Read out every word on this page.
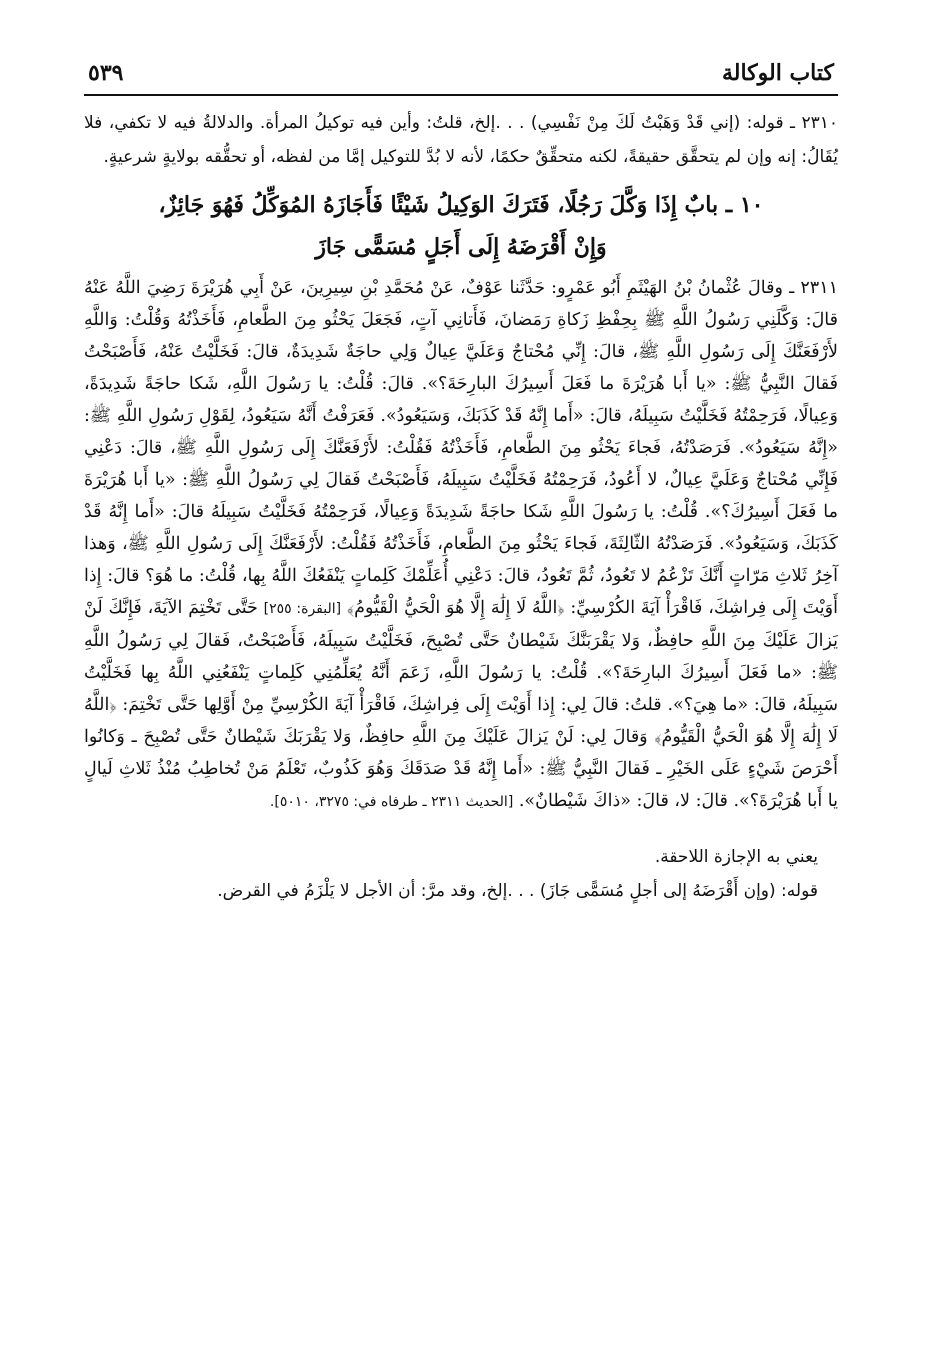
كتاب الوكالة
٥٣٩

٢٣١٠ ـ قوله: (إني قَدْ وَهَبْتُ لَكَ مِنْ نَفْسِي) . . .إلخ، قلتُ: وأين فيه توكيلُ المرأة. والدلالةُ فيه لا تكفي، فلا يُقَالُ: إنه وإن لم يتحقَّق حقيقةً، لكنه متحقِّقٌ حكمًا، لأنه لا بُدَّ للتوكيل إمَّا من لفظه، أو تحقُّقه بولايةٍ شرعيةٍ.

١٠ ـ بابٌ إِذَا وَكَّلَ رَجُلًا، فَتَرَكَ الوَكِيلُ شَيْئًا فَأَجَازَهُ المُوَكِّلُ فَهُوَ جَائِزٌ،
وَإِنْ أَقْرَضَهُ إِلَى أَجَلٍ مُسَمًّى جَازَ

٢٣١١ ـ وقالَ عُثْمانُ بْنُ الهَيْثَمِ أَبُو عَمْرٍو: حَدَّثَنا عَوْفٌ، عَنْ مُحَمَّدِ بْنِ سِيرِينَ، عَنْ أَبِي هُرَيْرَةَ رَضِيَ اللَّهُ عَنْهُ قالَ: وَكَّلَنِي رَسُولُ اللَّهِ ﷺ بِحِفْظِ زَكاةِ رَمَضانَ، فَأَتانِي آتٍ، فَجَعَلَ يَحْثُو مِنَ الطَّعامِ، فَأَخَذْتُهُ وَقُلْتُ: وَاللَّهِ لأَرْفَعَنَّكَ إِلَى رَسُولِ اللَّهِ ﷺ، قالَ: إِنِّي مُحْتاجٌ وَعَلَيَّ عِيالٌ وَلِي حاجَةٌ شَدِيدَةٌ، قالَ: فَخَلَّيْتُ عَنْهُ، فَأَصْبَحْتُ فَقالَ النَّبِيُّ ﷺ: «يا أَبا هُرَيْرَةَ ما فَعَلَ أَسِيرُكَ البارِحَةَ؟». قالَ: قُلْتُ: يا رَسُولَ اللَّهِ، شَكا حاجَةً شَدِيدَةً، وَعِيالًا، فَرَحِمْتُهُ فَخَلَّيْتُ سَبِيلَهُ، قالَ: «أَما إِنَّهُ قَدْ كَذَبَكَ، وَسَيَعُودُ». فَعَرَفْتُ أَنَّهُ سَيَعُودُ، لِقَوْلِ رَسُولِ اللَّهِ ﷺ: «إِنَّهُ سَيَعُودُ». فَرَصَدْتُهُ، فَجاءَ يَحْثُو مِنَ الطَّعامِ، فَأَخَذْتُهُ فَقُلْتُ: لأَرْفَعَنَّكَ إِلَى رَسُولِ اللَّهِ ﷺ، قالَ: دَعْنِي فَإِنِّي مُحْتاجٌ وَعَلَيَّ عِيالٌ، لا أَعُودُ، فَرَحِمْتُهُ فَخَلَّيْتُ سَبِيلَهُ، فَأَصْبَحْتُ فَقالَ لِي رَسُولُ اللَّهِ ﷺ: «يا أَبا هُرَيْرَةَ ما فَعَلَ أَسِيرُكَ؟». قُلْتُ: يا رَسُولَ اللَّهِ شَكا حاجَةً شَدِيدَةً وَعِيالًا، فَرَحِمْتُهُ فَخَلَّيْتُ سَبِيلَهُ قالَ: «أَما إِنَّهُ قَدْ كَذَبَكَ، وَسَيَعُودُ». فَرَصَدْتُهُ الثّالِثَةَ، فَجاءَ يَحْثُو مِنَ الطَّعامِ، فَأَخَذْتُهُ فَقُلْتُ: لأَرْفَعَنَّكَ إِلَى رَسُولِ اللَّهِ ﷺ، وَهذا آخِرُ ثَلاثِ مَرّاتٍ أَنَّكَ تَزْعُمُ لا تَعُودُ، ثُمَّ تَعُودُ، قالَ: دَعْنِي أُعَلِّمْكَ كَلِماتٍ يَنْفَعُكَ اللَّهُ بِها، قُلْتُ: ما هُوَ؟ قالَ: إِذا أَوَيْتَ إِلَى فِراشِكَ، فَاقْرَأْ آيَةَ الكُرْسِيِّ: ﴿اللَّهُ لَا إِلَٰهَ إِلَّا هُوَ الْحَيُّ الْقَيُّومُ﴾ [البقرة: ٢٥٥] حَتَّى تَخْتِمَ الآيَةَ، فَإِنَّكَ لَنْ يَزالَ عَلَيْكَ مِنَ اللَّهِ حافِظٌ، وَلا يَقْرَبَنَّكَ شَيْطانٌ حَتَّى تُصْبِحَ، فَخَلَّيْتُ سَبِيلَهُ، فَأَصْبَحْتُ، فَقالَ لِي رَسُولُ اللَّهِ ﷺ: «ما فَعَلَ أَسِيرُكَ البارِحَةَ؟». قُلْتُ: يا رَسُولَ اللَّهِ، زَعَمَ أَنَّهُ يُعَلِّمُنِي كَلِماتٍ يَنْفَعُنِي اللَّهُ بِها فَخَلَّيْتُ سَبِيلَهُ، قالَ: «ما هِيَ؟». قلتُ: قالَ لِي: إِذا أَوَيْتَ إِلَى فِراشِكَ، فَاقْرَأْ آيَةَ الكُرْسِيِّ مِنْ أَوَّلِها حَتَّى تَخْتِمَ: ﴿اللَّهُ لَا إِلَٰهَ إِلَّا هُوَ الْحَيُّ الْقَيُّومُ﴾ وَقالَ لِي: لَنْ يَزالَ عَلَيْكَ مِنَ اللَّهِ حافِظٌ، وَلا يَقْرَبَكَ شَيْطانٌ حَتَّى تُصْبِحَ ـ وَكانُوا أَحْرَصَ شَيْءٍ عَلَى الخَيْرِ ـ فَقالَ النَّبِيُّ ﷺ: «أَما إِنَّهُ قَدْ صَدَقَكَ وَهُوَ كَذُوبٌ، تَعْلَمُ مَنْ تُخاطِبُ مُنْذُ ثَلاثِ لَيالٍ يا أَبا هُرَيْرَةَ؟». قالَ: لا، قالَ: «ذاكَ شَيْطانٌ». [الحديث ٢٣١١ ـ طرفاه في: ٣٢٧٥، ٥٠١٠].

يعني به الإجازة اللاحقة.

قوله: (وإن أَقْرَضَهُ إلى أجلٍ مُسَمًّى جَازَ) . . .إلخ، وقد مرَّ: أن الأجل لا يَلْزَمُ في القرض.
